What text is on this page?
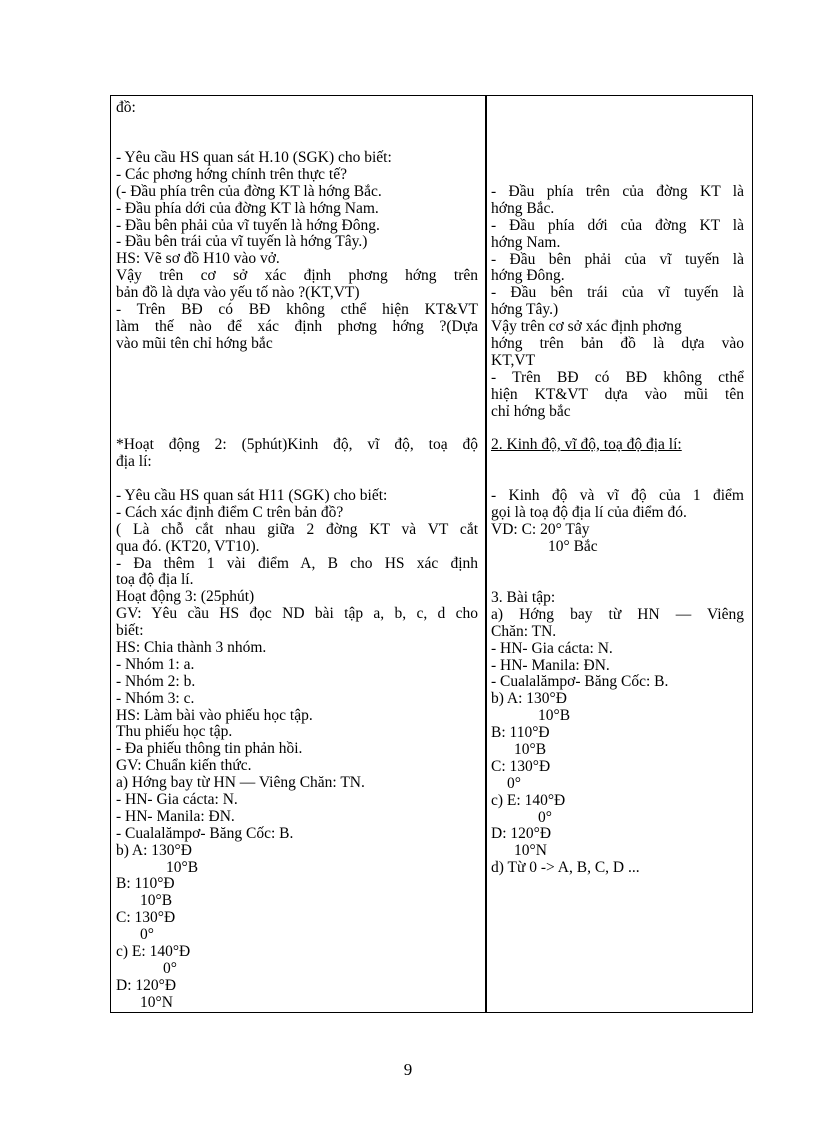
đồ:
- Yêu cầu HS quan sát H.10 (SGK) cho biết:
- Các phơng hớng chính trên thực tế?
(- Đầu phía trên của đờng KT là hớng Bắc.
- Đầu phía dới của đờng KT là hớng Nam.
- Đầu bên phải của vĩ tuyến là hớng Đông.
- Đầu bên trái của vĩ tuyến là hớng Tây.)
HS: Vẽ sơ đồ H10 vào vở.
Vậy trên cơ sở xác định phơng hớng trên
bản đồ là dựa vào yếu tố nào ?(KT,VT)
- Trên BĐ có BĐ không cthể hiện KT&VT
làm thế nào để xác định phơng hớng ?(Dựa
vào mũi tên chỉ hớng bắc
*Hoạt động 2: (5phút)Kinh độ, vĩ độ, toạ độ
địa lí:
- Yêu cầu HS quan sát H11 (SGK) cho biết:
- Cách xác định điểm C trên bản đồ?
( Là chỗ cắt nhau giữa 2 đờng KT và VT cắt
qua đó. (KT20, VT10).
- Đa thêm 1 vài điểm A, B cho HS xác định
toạ độ địa lí.
Hoạt động 3: (25phút)
GV: Yêu cầu HS đọc ND bài tập a, b, c, d cho
biết:
HS: Chia thành 3 nhóm.
- Nhóm 1: a.
- Nhóm 2: b.
- Nhóm 3: c.
HS: Làm bài vào phiếu học tập.
Thu phiếu học tập.
- Đa phiếu thông tin phản hồi.
GV: Chuẩn kiến thức.
a) Hớng bay từ HN — Viêng Chăn: TN.
- HN- Gia cácta: N.
- HN- Manila: ĐN.
- Cualalămpơ- Băng Cốc: B.
b) A: 130°Đ
10°B
B: 110°Đ
10°B
C: 130°Đ
0°
c) E: 140°Đ
0°
D: 120°Đ
10°N
- Đầu phía trên của đờng KT là
hớng Bắc.
- Đầu phía dới của đờng KT là
hớng Nam.
- Đầu bên phải của vĩ tuyến là
hớng Đông.
- Đầu bên trái của vĩ tuyến là
hớng Tây.)
Vậy trên cơ sở xác định phơng
hớng trên bản đồ là dựa vào
KT,VT
- Trên BĐ có BĐ không cthể
hiện KT&VT dựa vào mũi tên
chỉ hớng bắc
2. Kinh độ, vĩ độ, toạ độ địa lí:
- Kinh độ và vĩ độ của 1 điểm
gọi là toạ độ địa lí của điểm đó.
VD: C: 20° Tây
10° Bắc
3. Bài tập:
a) Hớng bay từ HN — Viêng
Chăn: TN.
- HN- Gia cácta: N.
- HN- Manila: ĐN.
- Cualalămpơ- Băng Cốc: B.
b) A: 130°Đ
10°B
B: 110°Đ
10°B
C: 130°Đ
0°
c) E: 140°Đ
0°
D: 120°Đ
10°N
d) Từ 0 -> A, B, C, D ...
9
